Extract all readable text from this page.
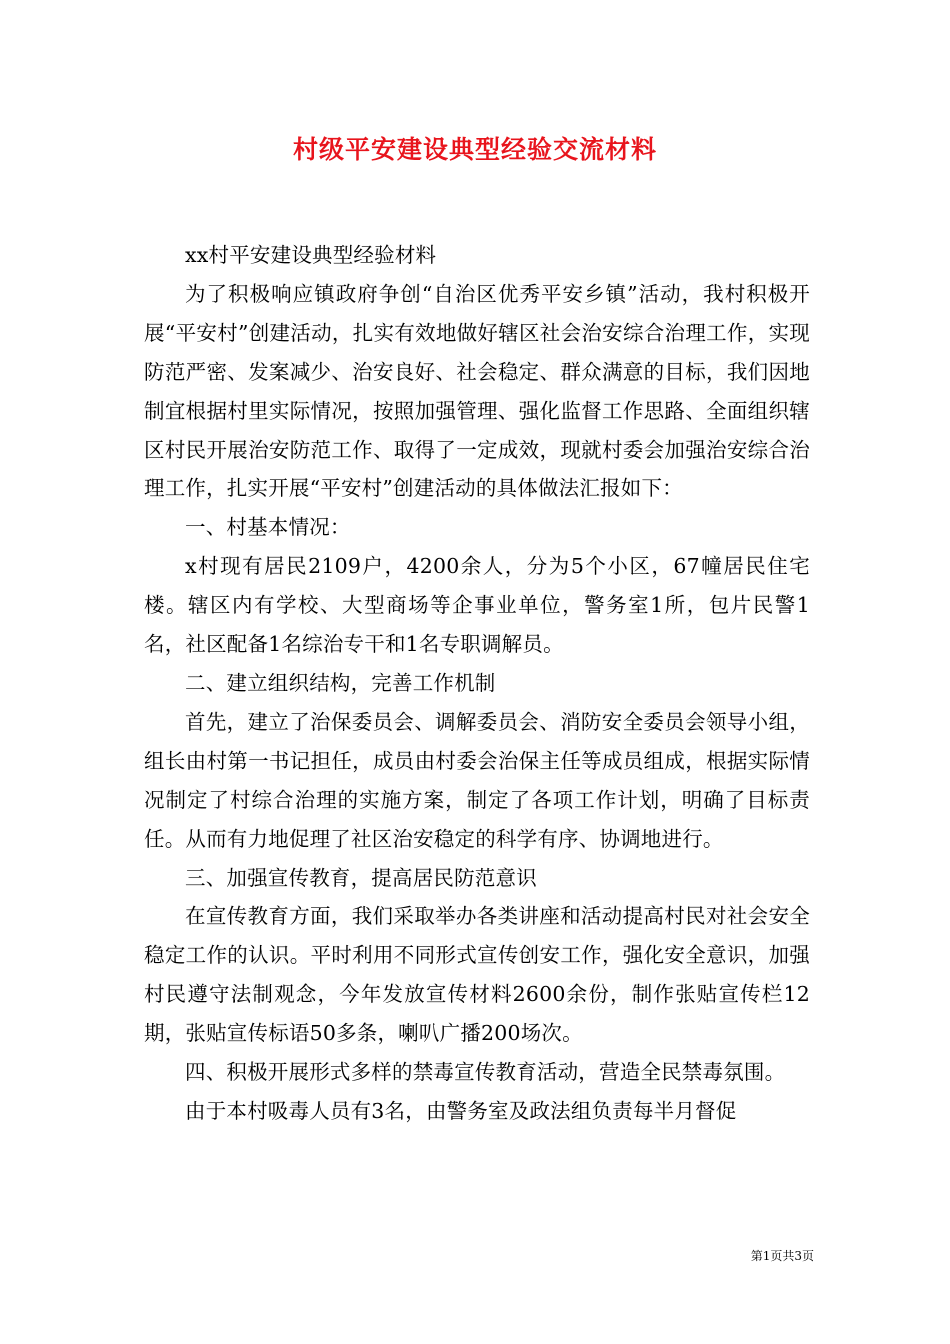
村级平安建设典型经验交流材料

xx村平安建设典型经验材料

为了积极响应镇政府争创“自治区优秀平安乡镇”活动，我村积极开展“平安村”创建活动，扎实有效地做好辖区社会治安综合治理工作，实现防范严密、发案减少、治安良好、社会稳定、群众满意的目标，我们因地制宜根据村里实际情况，按照加强管理、强化监督工作思路、全面组织辖区村民开展治安防范工作、取得了一定成效，现就村委会加强治安综合治理工作，扎实开展“平安村”创建活动的具体做法汇报如下：

一、村基本情况：

x村现有居民2109户，4200余人，分为5个小区，67幢居民住宅楼。辖区内有学校、大型商场等企事业单位，警务室1所，包片民警1名，社区配备1名综治专干和1名专职调解员。

二、建立组织结构，完善工作机制

首先，建立了治保委员会、调解委员会、消防安全委员会领导小组，组长由村第一书记担任，成员由村委会治保主任等成员组成，根据实际情况制定了村综合治理的实施方案，制定了各项工作计划，明确了目标责任。从而有力地促理了社区治安稳定的科学有序、协调地进行。

三、加强宣传教育，提高居民防范意识

在宣传教育方面，我们采取举办各类讲座和活动提高村民对社会安全稳定工作的认识。平时利用不同形式宣传创安工作，强化安全意识，加强村民遵守法制观念，今年发放宣传材料2600余份，制作张贴宣传栏12期，张贴宣传标语50多条，喇叭广播200场次。

四、积极开展形式多样的禁毒宣传教育活动，营造全民禁毒氛围。

由于本村吸毒人员有3名，由警务室及政法组负责每半月督促

第1页共3页
